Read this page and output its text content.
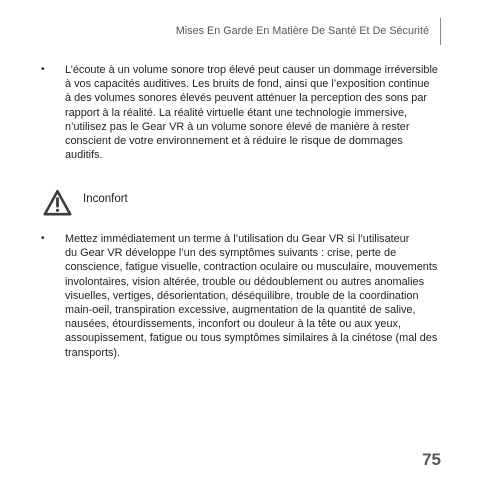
Mises En Garde En Matière De Santé Et De Sécurité
• L’écoute à un volume sonore trop élevé peut causer un dommage irréversible
à vos capacités auditives. Les bruits de fond, ainsi que l’exposition continue
à des volumes sonores élevés peuvent atténuer la perception des sons par
rapport à la réalité. La réalité virtuelle étant une technologie immersive,
n’utilisez pas le Gear VR à un volume sonore élevé de manière à rester
conscient de votre environnement et à réduire le risque de dommages
auditifs.
Inconfort
• Mettez immédiatement un terme à l’utilisation du Gear VR si l’utilisateur
du Gear VR développe l’un des symptômes suivants : crise, perte de
conscience, fatigue visuelle, contraction oculaire ou musculaire, mouvements
involontaires, vision altérée, trouble ou dédoublement ou autres anomalies
visuelles, vertiges, désorientation, déséquilibre, trouble de la coordination
main-oeil, transpiration excessive, augmentation de la quantité de salive,
nausées, étourdissements, inconfort ou douleur à la tête ou aux yeux,
assoupissement, fatigue ou tous symptômes similaires à la cinétose (mal des
transports).
75
